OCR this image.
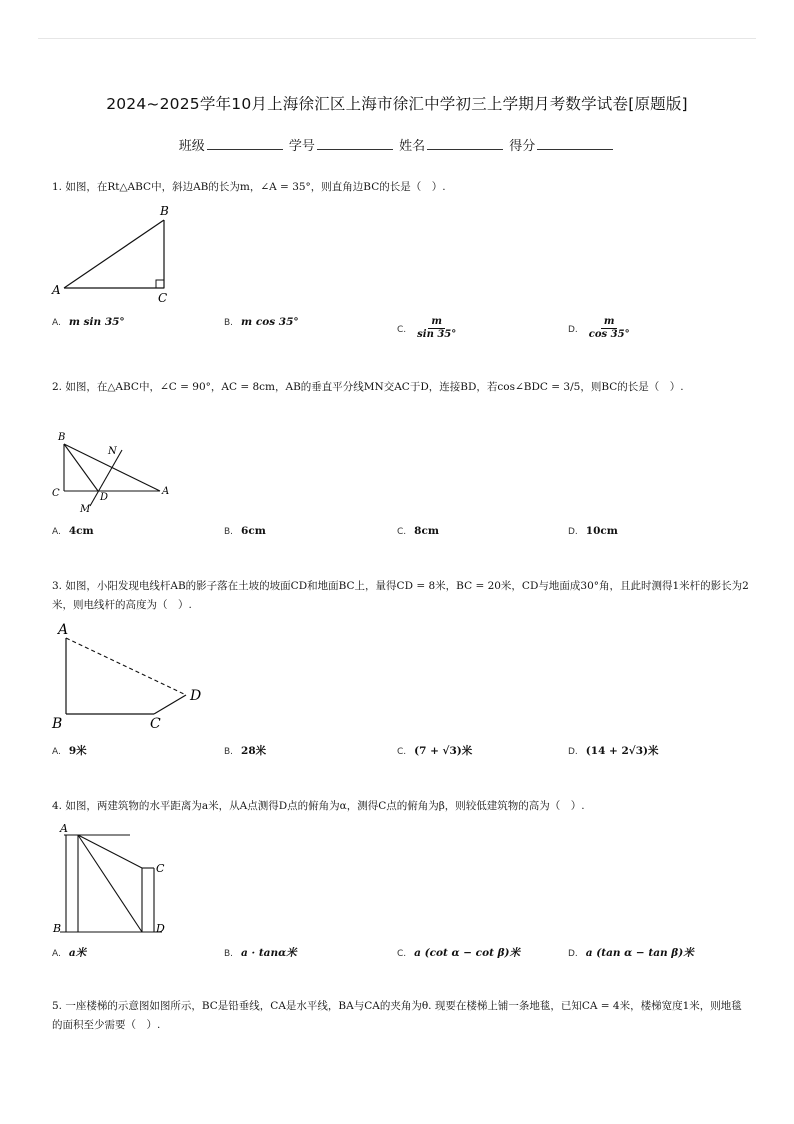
2024~2025学年10月上海徐汇区上海市徐汇中学初三上学期月考数学试卷[原题版]
班级	学号	姓名	得分
1. 如图，在Rt△ABC中，斜边AB的长为m，∠A = 35°，则直角边BC的长是（　）.
B
A
C
A. m sin 35°	B. m cos 35°
C. $\frac{m}{\sin 35^\circ}$	D. $\frac{m}{\cos 35^\circ}$
2. 如图，在△ABC中，∠C = 90°，AC = 8cm，AB的垂直平分线MN交AC于D，连接BD，若cos∠BDC = 3/5，则BC的长是（　）.
B
C	A
D
M
N
A. 4cm	B. 6cm	C. 8cm	D. 10cm
3. 如图，小阳发现电线杆AB的影子落在土坡的坡面CD和地面BC上，量得CD = 8米，BC = 20米，CD与地面成30°角，且此时测得1米杆的影长为2米，则电线杆的高度为（　）.
A
B	C
D
A. 9米	B. 28米	C. (7 + √3)米	D. (14 + 2√3)米
4. 如图，两建筑物的水平距离为a米，从A点测得D点的俯角为α，测得C点的俯角为β，则较低建筑物的高为（　）.
A
B
C
D
A. a米	B. a · tanα米	C. a (cot α − cot β)米	D. a (tan α − tan β)米
5. 一座楼梯的示意图如图所示，BC是铅垂线，CA是水平线，BA与CA的夹角为θ. 现要在楼梯上铺一条地毯，已知CA = 4米，楼梯宽度1米，则地毯的面积至少需要（　）.
